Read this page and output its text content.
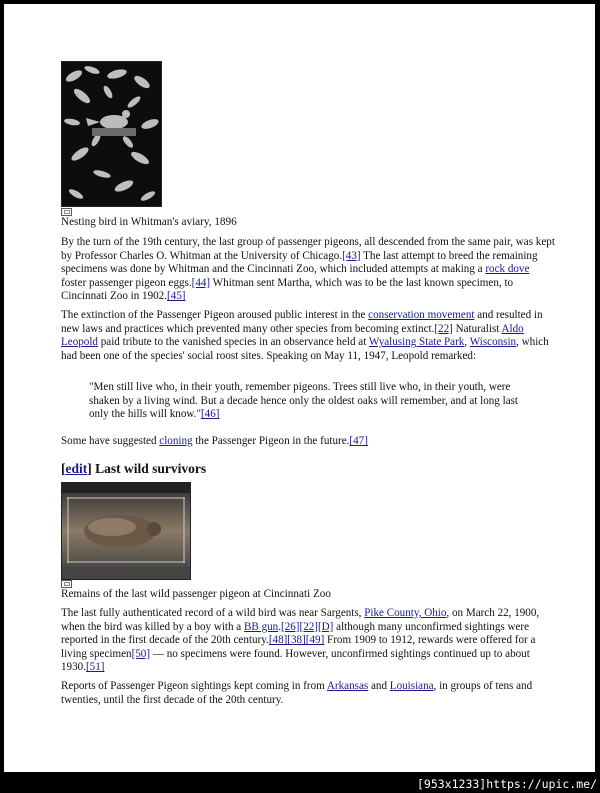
Nesting bird in Whitman's aviary, 1896

By the turn of the 19th century, the last group of passenger pigeons, all descended from the same pair, was kept by Professor Charles O. Whitman at the University of Chicago.[43] The last attempt to breed the remaining specimens was done by Whitman and the Cincinnati Zoo, which included attempts at making a rock dove foster passenger pigeon eggs.[44] Whitman sent Martha, which was to be the last known specimen, to Cincinnati Zoo in 1902.[45]

The extinction of the Passenger Pigeon aroused public interest in the conservation movement and resulted in new laws and practices which prevented many other species from becoming extinct.[22] Naturalist Aldo Leopold paid tribute to the vanished species in an observance held at Wyalusing State Park, Wisconsin, which had been one of the species' social roost sites. Speaking on May 11, 1947, Leopold remarked:

"Men still live who, in their youth, remember pigeons. Trees still live who, in their youth, were shaken by a living wind. But a decade hence only the oldest oaks will remember, and at long last only the hills will know."[46]

Some have suggested cloning the Passenger Pigeon in the future.[47]

[edit] Last wild survivors
Remains of the last wild passenger pigeon at Cincinnati Zoo

The last fully authenticated record of a wild bird was near Sargents, Pike County, Ohio, on March 22, 1900, when the bird was killed by a boy with a BB gun.[26][22][D] although many unconfirmed sightings were reported in the first decade of the 20th century.[48][38][49] From 1909 to 1912, rewards were offered for a living specimen[50] — no specimens were found. However, unconfirmed sightings continued up to about 1930.[51]

Reports of Passenger Pigeon sightings kept coming in from Arkansas and Louisiana, in groups of tens and twenties, until the first decade of the 20th century.

[953x1233]https://upic.me/
